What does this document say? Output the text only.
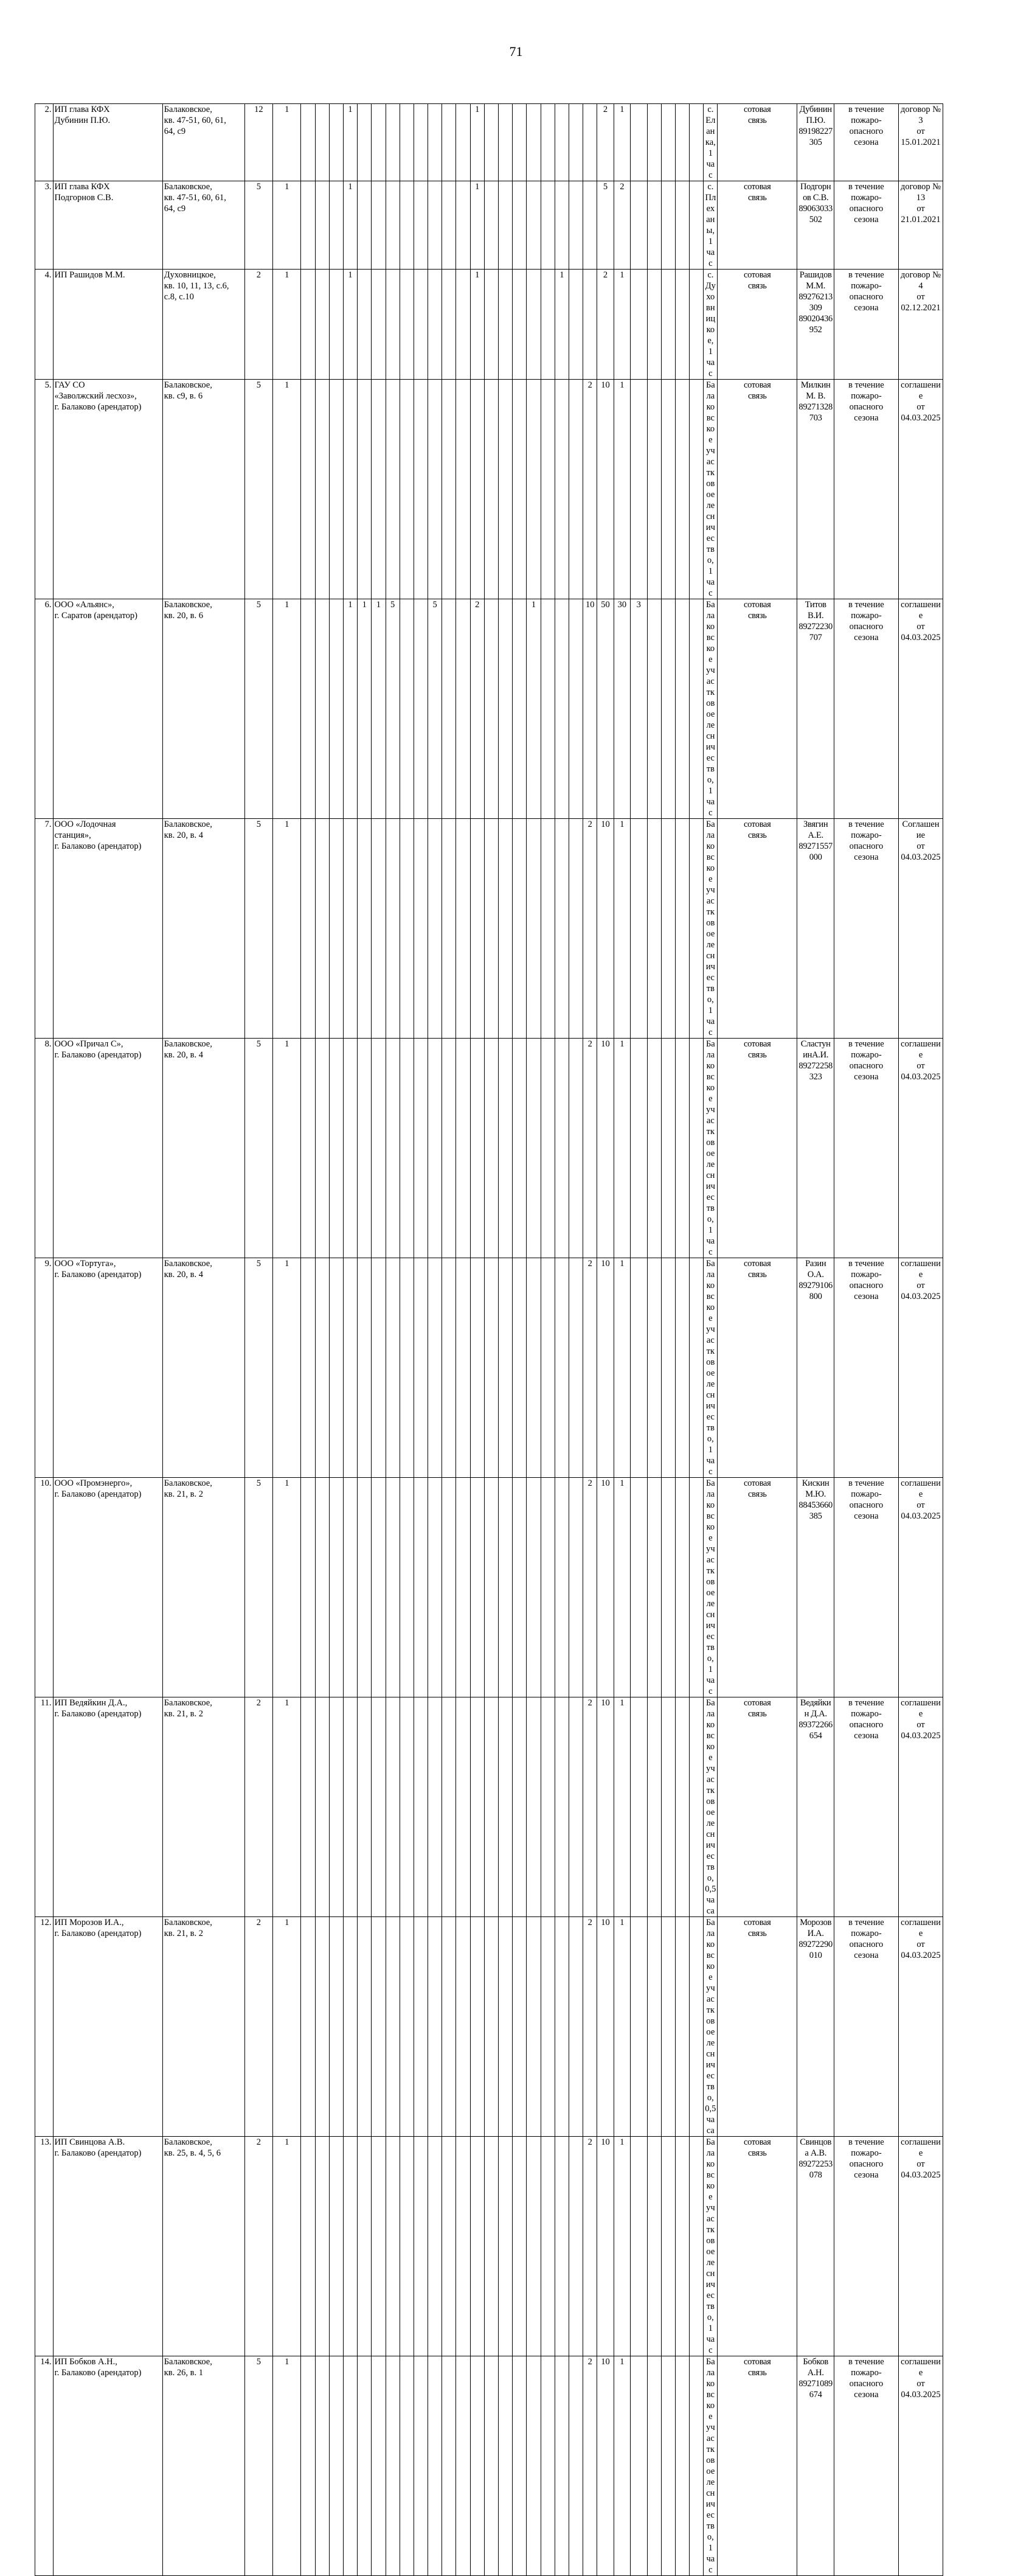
71
2.	ИП глава КФХ
Дубинин П.Ю.	Балаковское,
кв. 47-51, 60, 61,
64, с9	12	1				1									1									2	1						с. Еланка, 1 час	сотовая
связь	Дубинин П.Ю.
89198227305	в течение
пожаро-
опасного
сезона	договор № 3
от 15.01.2021
3.	ИП глава КФХ
Подгорнов С.В.	Балаковское,
кв. 47-51, 60, 61,
64, с9	5	1				1									1									5	2						с. Плеханы,
1 час	сотовая
связь	Подгорнов С.В.
89063033502	в течение
пожаро-
опасного
сезона	договор № 13
от 21.01.2021
4.	ИП Рашидов М.М.	Духовницкое,
кв. 10, 11, 13, с.6,
с.8, с.10	2	1				1									1						1			2	1						с. Духовницкое,
1 час	сотовая
связь	Рашидов М.М.
89276213309
89020436952	в течение
пожаро-
опасного
сезона	договор № 4
от 02.12.2021
5.	ГАУ СО
«Заволжский лесхоз»,
г. Балаково (арендатор)	Балаковское,
кв. с9, в. 6	5	1																					2	10	1						Балаковское
участковое
лесничество,
1 час	сотовая
связь	Милкин М. В.
89271328703	в течение
пожаро-
опасного
сезона	соглашение
от 04.03.2025
6.	ООО «Альянс»,
г. Саратов (арендатор)	Балаковское,
кв. 20, в. 6	5	1				1	1	1	5			5			2				1				10	50	30	3					Балаковское
участковое
лесничество,
1 час	сотовая
связь	Титов В.И.
89272230707	в течение
пожаро-
опасного
сезона	соглашение
от 04.03.2025
7.	ООО «Лодочная
станция»,
г. Балаково (арендатор)	Балаковское,
кв. 20, в. 4	5	1																					2	10	1						Балаковское
участковое
лесничество,
1 час	сотовая
связь	Звягин А.Е.
89271557000	в течение
пожаро-
опасного
сезона	Соглашение
от 04.03.2025
8.	ООО «Причал С»,
г. Балаково (арендатор)	Балаковское,
кв. 20, в. 4	5	1																					2	10	1						Балаковское
участковое
лесничество,
1 час	сотовая
связь	СластунинА.И.
89272258323	в течение
пожаро-
опасного
сезона	соглашение
от 04.03.2025
9.	ООО «Тортуга»,
г. Балаково (арендатор)	Балаковское,
кв. 20, в. 4	5	1																					2	10	1						Балаковское
участковое
лесничество,
1 час	сотовая
связь	Разин О.А.
89279106800	в течение
пожаро-
опасного
сезона	соглашение
от 04.03.2025
10.	ООО «Промэнерго»,
г. Балаково (арендатор)	Балаковское,
кв. 21, в. 2	5	1																					2	10	1						Балаковское
участковое
лесничество,
1 час	сотовая
связь	Кискин М.Ю.
88453660385	в течение
пожаро-
опасного
сезона	соглашение
от 04.03.2025
11.	ИП Ведяйкин Д.А.,
г. Балаково (арендатор)	Балаковское,
кв. 21, в. 2	2	1																					2	10	1						Балаковское
участковое
лесничество,
0,5 часа	сотовая
связь	Ведяйкин Д.А.
89372266654	в течение
пожаро-
опасного
сезона	соглашение
от 04.03.2025
12.	ИП Морозов И.А.,
г. Балаково (арендатор)	Балаковское,
кв. 21, в. 2	2	1																					2	10	1						Балаковское
участковое
лесничество,
0,5 часа	сотовая
связь	Морозов И.А.
89272290010	в течение
пожаро-
опасного
сезона	соглашение
от 04.03.2025
13.	ИП Свинцова А.В.
г. Балаково (арендатор)	Балаковское,
кв. 25, в. 4, 5, 6	2	1																					2	10	1						Балаковское
участковое
лесничество,
1 час	сотовая
связь	Свинцова А.В.
89272253078	в течение
пожаро-
опасного
сезона	соглашение
от 04.03.2025
14.	ИП Бобков А.Н.,
г. Балаково (арендатор)	Балаковское,
кв. 26, в. 1	5	1																					2	10	1						Балаковское
участковое
лесничество,
1 час	сотовая
связь	Бобков А.Н.
89271089674	в течение
пожаро-
опасного
сезона	соглашение
от 04.03.2025
